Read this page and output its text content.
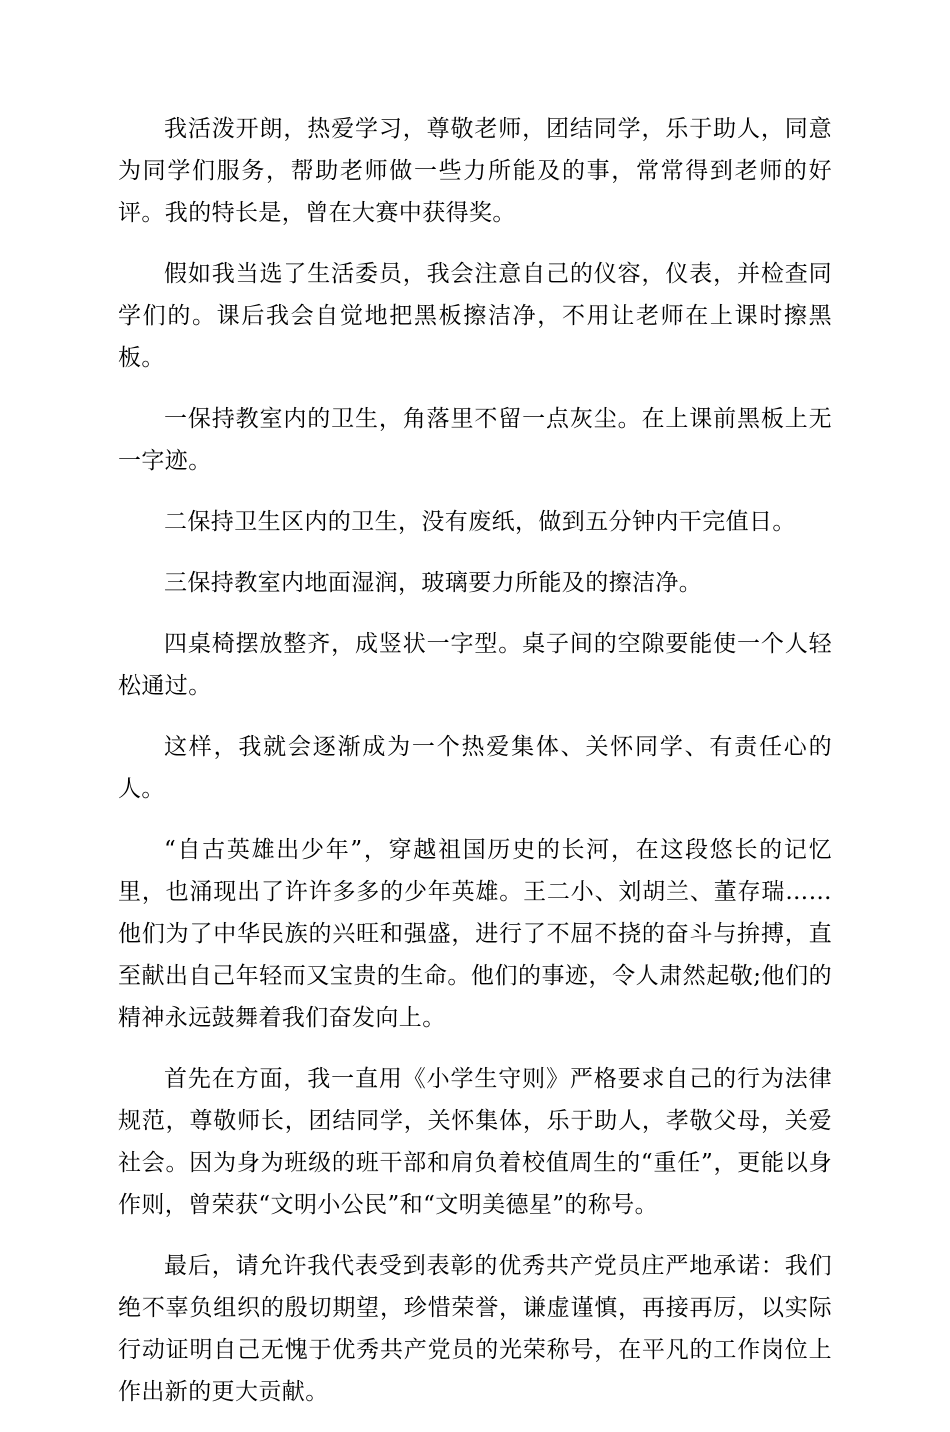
我活泼开朗，热爱学习，尊敬老师，团结同学，乐于助人，同意为同学们服务，帮助老师做一些力所能及的事，常常得到老师的好评。我的特长是，曾在大赛中获得奖。

假如我当选了生活委员，我会注意自己的仪容，仪表，并检查同学们的。课后我会自觉地把黑板擦洁净，不用让老师在上课时擦黑板。

一保持教室内的卫生，角落里不留一点灰尘。在上课前黑板上无一字迹。

二保持卫生区内的卫生，没有废纸，做到五分钟内干完值日。

三保持教室内地面湿润，玻璃要力所能及的擦洁净。

四桌椅摆放整齐，成竖状一字型。桌子间的空隙要能使一个人轻松通过。

这样，我就会逐渐成为一个热爱集体、关怀同学、有责任心的人。

“自古英雄出少年”，穿越祖国历史的长河，在这段悠长的记忆里，也涌现出了许许多多的少年英雄。王二小、刘胡兰、董存瑞……他们为了中华民族的兴旺和强盛，进行了不屈不挠的奋斗与拚搏，直至献出自己年轻而又宝贵的生命。他们的事迹，令人肃然起敬;他们的精神永远鼓舞着我们奋发向上。

首先在方面，我一直用《小学生守则》严格要求自己的行为法律规范，尊敬师长，团结同学，关怀集体，乐于助人，孝敬父母，关爱社会。因为身为班级的班干部和肩负着校值周生的“重任”，更能以身作则，曾荣获“文明小公民”和“文明美德星”的称号。

最后，请允许我代表受到表彰的优秀共产党员庄严地承诺：我们绝不辜负组织的殷切期望，珍惜荣誉，谦虚谨慎，再接再厉，以实际行动证明自己无愧于优秀共产党员的光荣称号，在平凡的工作岗位上作出新的更大贡献。
